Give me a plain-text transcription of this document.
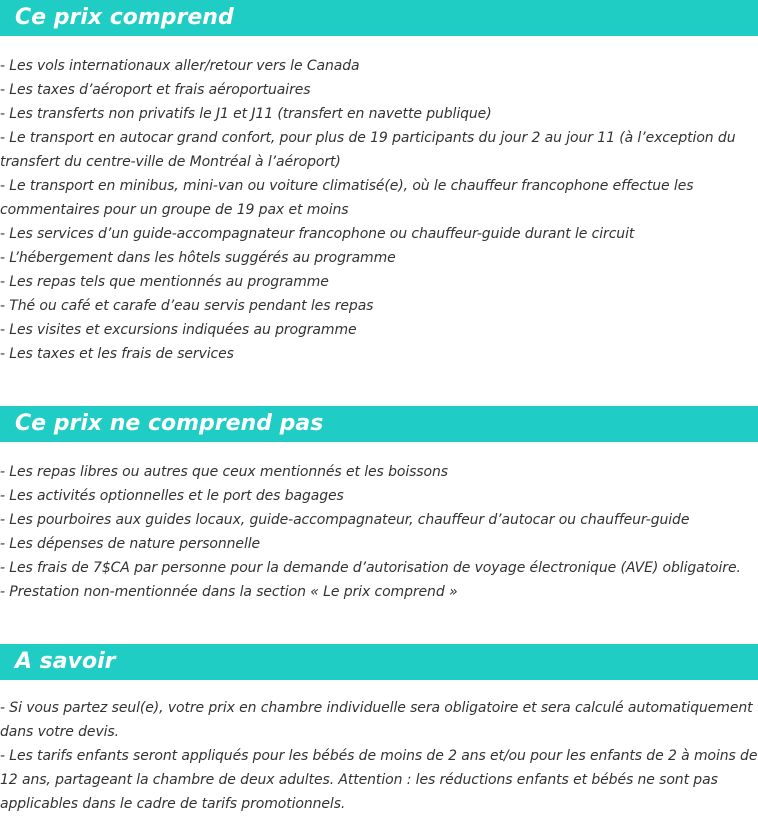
Ce prix comprend
- Les vols internationaux aller/retour vers le Canada
- Les taxes d’aéroport et frais aéroportuaires
- Les transferts non privatifs le J1 et J11 (transfert en navette publique)
- Le transport en autocar grand confort, pour plus de 19 participants du jour 2 au jour 11 (à l’exception du transfert du centre-ville de Montréal à l’aéroport)
- Le transport en minibus, mini-van ou voiture climatisé(e), où le chauffeur francophone effectue les commentaires pour un groupe de 19 pax et moins
- Les services d’un guide-accompagnateur francophone ou chauffeur-guide durant le circuit
- L’hébergement dans les hôtels suggérés au programme
- Les repas tels que mentionnés au programme
- Thé ou café et carafe d’eau servis pendant les repas
- Les visites et excursions indiquées au programme
- Les taxes et les frais de services
Ce prix ne comprend pas
- Les repas libres ou autres que ceux mentionnés et les boissons
- Les activités optionnelles et le port des bagages
- Les pourboires aux guides locaux, guide-accompagnateur, chauffeur d’autocar ou chauffeur-guide
- Les dépenses de nature personnelle
- Les frais de 7$CA par personne pour la demande d’autorisation de voyage électronique (AVE) obligatoire.
- Prestation non-mentionnée dans la section « Le prix comprend »
A savoir
- Si vous partez seul(e), votre prix en chambre individuelle sera obligatoire et sera calculé automatiquement dans votre devis.
- Les tarifs enfants seront appliqués pour les bébés de moins de 2 ans et/ou pour les enfants de 2 à moins de 12 ans, partageant la chambre de deux adultes. Attention : les réductions enfants et bébés ne sont pas applicables dans le cadre de tarifs promotionnels.
